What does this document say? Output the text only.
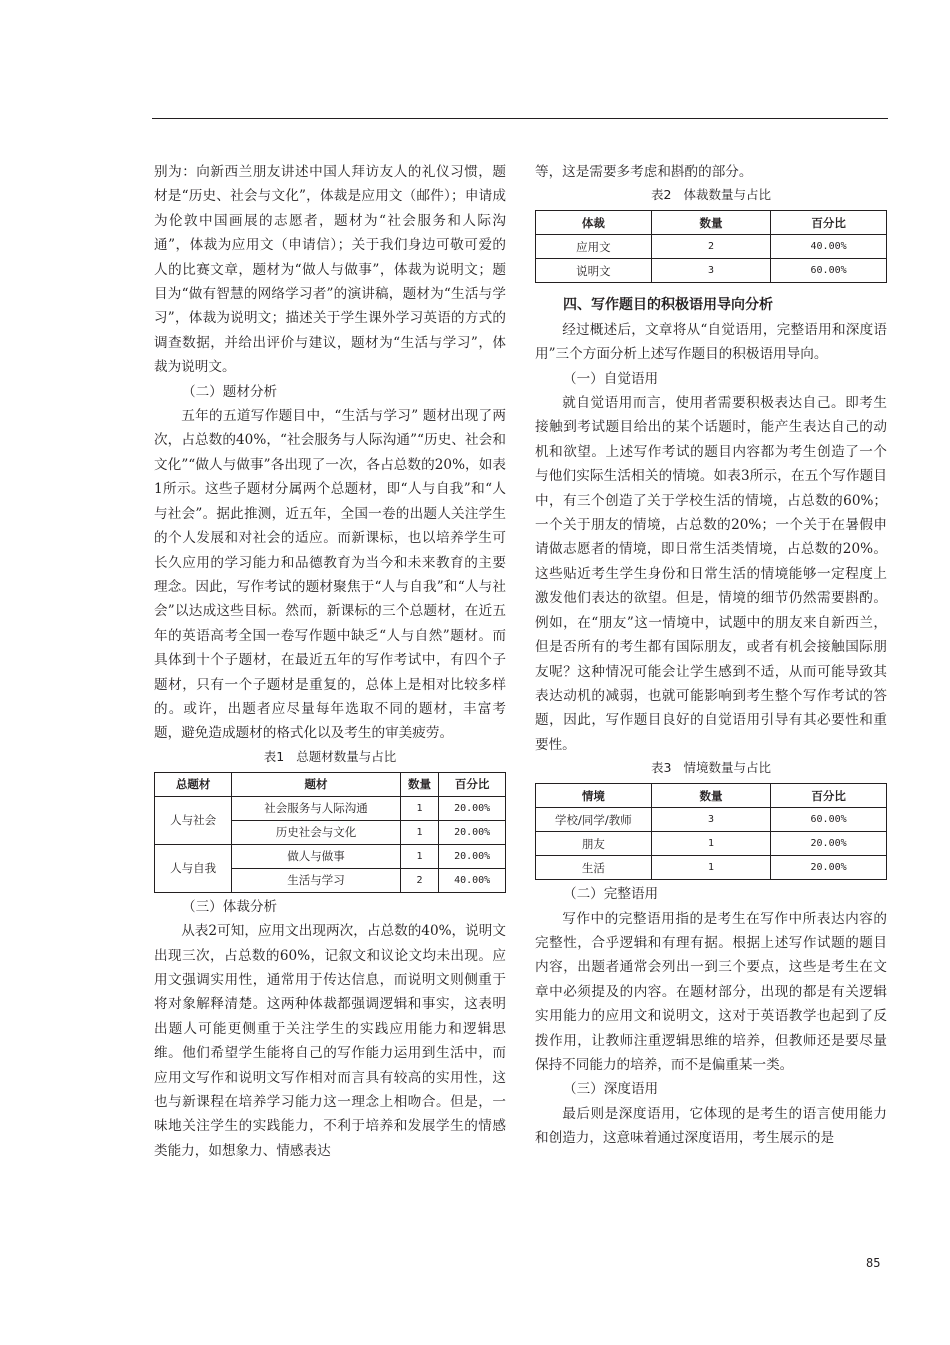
别为：向新西兰朋友讲述中国人拜访友人的礼仪习惯，题材是“历史、社会与文化”，体裁是应用文（邮件）；申请成为伦敦中国画展的志愿者，题材为“社会服务和人际沟通”，体裁为应用文（申请信）；关于我们身边可敬可爱的人的比赛文章，题材为“做人与做事”，体裁为说明文；题目为“做有智慧的网络学习者”的演讲稿，题材为“生活与学习”，体裁为说明文；描述关于学生课外学习英语的方式的调查数据，并给出评价与建议，题材为“生活与学习”，体裁为说明文。

（二）题材分析

五年的五道写作题目中，“生活与学习” 题材出现了两次，占总数的40%，“社会服务与人际沟通”“历史、社会和文化”“做人与做事”各出现了一次，各占总数的20%，如表1所示。这些子题材分属两个总题材，即“人与自我”和“人与社会”。据此推测，近五年，全国一卷的出题人关注学生的个人发展和对社会的适应。而新课标，也以培养学生可长久应用的学习能力和品德教育为当今和未来教育的主要理念。因此，写作考试的题材聚焦于“人与自我”和“人与社会”以达成这些目标。然而，新课标的三个总题材，在近五年的英语高考全国一卷写作题中缺乏“人与自然”题材。而具体到十个子题材，在最近五年的写作考试中，有四个子题材，只有一个子题材是重复的，总体上是相对比较多样的。或许，出题者应尽量每年选取不同的题材，丰富考题，避免造成题材的格式化以及考生的审美疲劳。

表1 总题材数量与占比
总题材	题材	数量	百分比
人与社会	社会服务与人际沟通	1	20.00%
	历史社会与文化	1	20.00%
人与自我	做人与做事	1	20.00%
	生活与学习	2	40.00%
（三）体裁分析

从表2可知，应用文出现两次，占总数的40%，说明文出现三次，占总数的60%，记叙文和议论文均未出现。应用文强调实用性，通常用于传达信息，而说明文则侧重于将对象解释清楚。这两种体裁都强调逻辑和事实，这表明出题人可能更侧重于关注学生的实践应用能力和逻辑思维。他们希望学生能将自己的写作能力运用到生活中，而应用文写作和说明文写作相对而言具有较高的实用性，这也与新课程在培养学习能力这一理念上相吻合。但是，一味地关注学生的实践能力，不利于培养和发展学生的情感类能力，如想象力、情感表达

等，这是需要多考虑和斟酌的部分。

表2 体裁数量与占比
体裁	数量	百分比
应用文	2	40.00%
说明文	3	60.00%
四、写作题目的积极语用导向分析

经过概述后，文章将从“自觉语用，完整语用和深度语用”三个方面分析上述写作题目的积极语用导向。

（一）自觉语用

就自觉语用而言，使用者需要积极表达自己。即考生接触到考试题目给出的某个话题时，能产生表达自己的动机和欲望。上述写作考试的题目内容都为考生创造了一个与他们实际生活相关的情境。如表3所示，在五个写作题目中，有三个创造了关于学校生活的情境，占总数的60%；一个关于朋友的情境，占总数的20%；一个关于在暑假申请做志愿者的情境，即日常生活类情境，占总数的20%。这些贴近考生学生身份和日常生活的情境能够一定程度上激发他们表达的欲望。但是，情境的细节仍然需要斟酌。例如，在“朋友”这一情境中，试题中的朋友来自新西兰，但是否所有的考生都有国际朋友，或者有机会接触国际朋友呢？这种情况可能会让学生感到不适，从而可能导致其表达动机的减弱，也就可能影响到考生整个写作考试的答题，因此，写作题目良好的自觉语用引导有其必要性和重要性。

表3 情境数量与占比
情境	数量	百分比
学校/同学/教师	3	60.00%
朋友	1	20.00%
生活	1	20.00%
（二）完整语用

写作中的完整语用指的是考生在写作中所表达内容的完整性，合乎逻辑和有理有据。根据上述写作试题的题目内容，出题者通常会列出一到三个要点，这些是考生在文章中必须提及的内容。在题材部分，出现的都是有关逻辑实用能力的应用文和说明文，这对于英语教学也起到了反拨作用，让教师注重逻辑思维的培养，但教师还是要尽量保持不同能力的培养，而不是偏重某一类。

（三）深度语用

最后则是深度语用，它体现的是考生的语言使用能力和创造力，这意味着通过深度语用，考生展示的是

85
